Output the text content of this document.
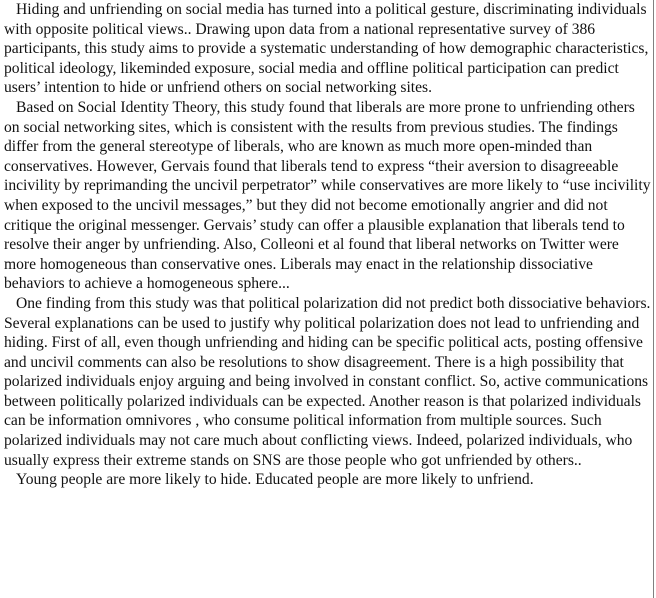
Hiding and unfriending on social media has turned into a political gesture, discriminating individuals with opposite political views.. Drawing upon data from a national representative survey of 386 participants, this study aims to provide a systematic understanding of how demographic characteristics, political ideology, likeminded exposure, social media and offline political participation can predict users’ intention to hide or unfriend others on social networking sites.

Based on Social Identity Theory, this study found that liberals are more prone to unfriending others on social networking sites, which is consistent with the results from previous studies. The findings differ from the general stereotype of liberals, who are known as much more open-minded than conservatives. However, Gervais found that liberals tend to express “their aversion to disagreeable incivility by reprimanding the uncivil perpetrator” while conservatives are more likely to “use incivility when exposed to the uncivil messages,” but they did not become emotionally angrier and did not critique the original messenger. Gervais’ study can offer a plausible explanation that liberals tend to resolve their anger by unfriending. Also, Colleoni et al found that liberal networks on Twitter were more homogeneous than conservative ones. Liberals may enact in the relationship dissociative behaviors to achieve a homogeneous sphere...

One finding from this study was that political polarization did not predict both dissociative behaviors. Several explanations can be used to justify why political polarization does not lead to unfriending and hiding. First of all, even though unfriending and hiding can be specific political acts, posting offensive and uncivil comments can also be resolutions to show disagreement. There is a high possibility that polarized individuals enjoy arguing and being involved in constant conflict. So, active communications between politically polarized individuals can be expected. Another reason is that polarized individuals can be information omnivores , who consume political information from multiple sources. Such polarized individuals may not care much about conflicting views. Indeed, polarized individuals, who usually express their extreme stands on SNS are those people who got unfriended by others..

Young people are more likely to hide. Educated people are more likely to unfriend.
